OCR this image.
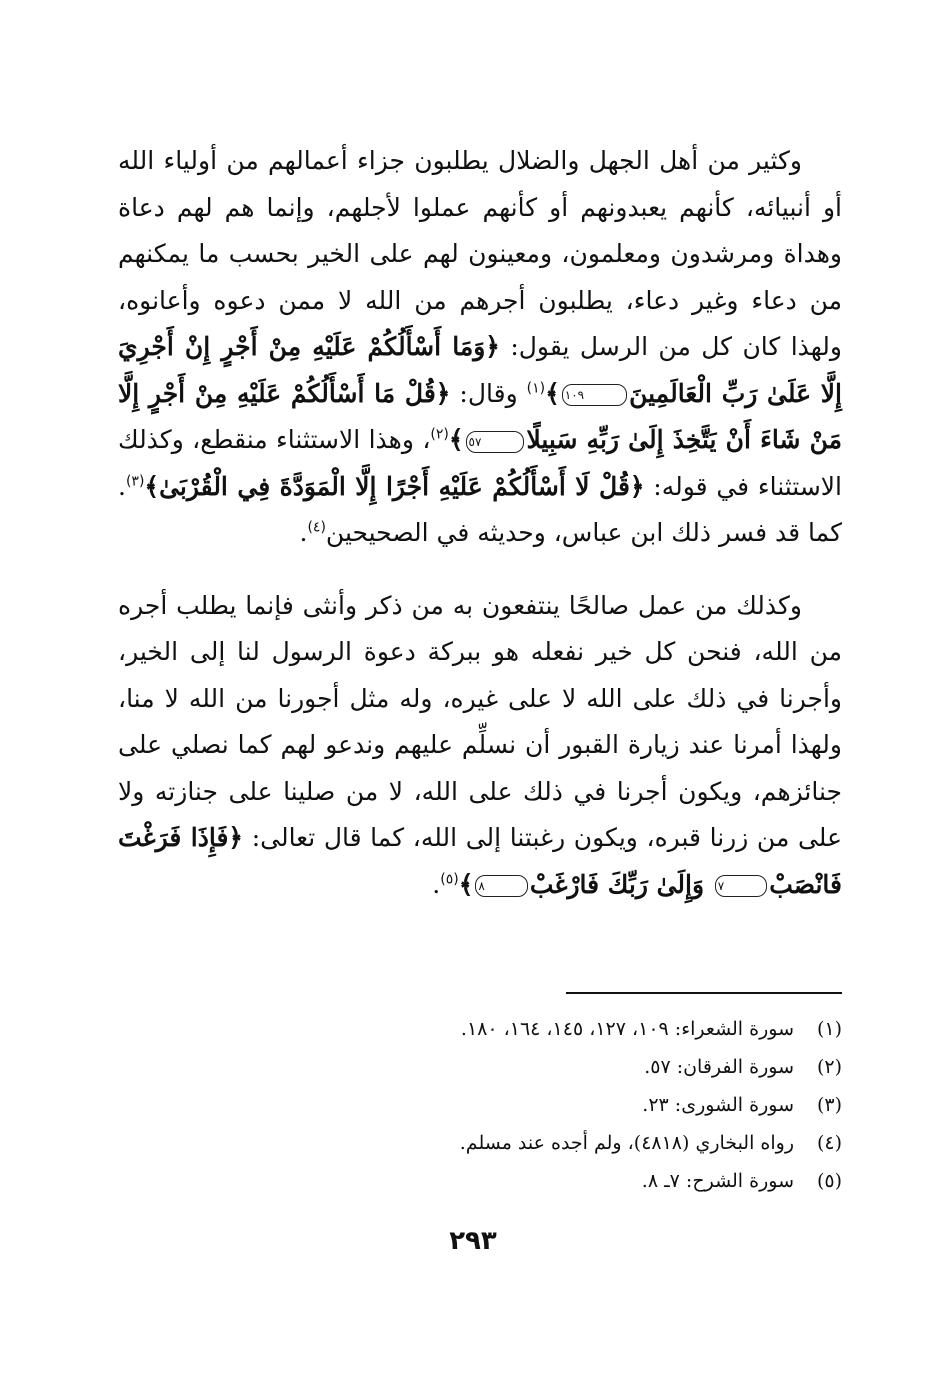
وكثير من أهل الجهل والضلال يطلبون جزاء أعمالهم من أولياء الله أو أنبيائه، كأنهم يعبدونهم أو كأنهم عملوا لأجلهم، وإنما هم لهم دعاة وهداة ومرشدون ومعلمون، ومعينون لهم على الخير بحسب ما يمكنهم من دعاء وغير دعاء، يطلبون أجرهم من الله لا ممن دعوه وأعانوه، ولهذا كان كل من الرسل يقول: ﴿وَمَا أَسْأَلُكُمْ عَلَيْهِ مِنْ أَجْرٍ إِنْ أَجْرِيَ إِلَّا عَلَىٰ رَبِّ الْعَالَمِينَ١٠٩﴾$^{(١)}$ وقال: ﴿قُلْ مَا أَسْأَلُكُمْ عَلَيْهِ مِنْ أَجْرٍ إِلَّا مَنْ شَاءَ أَنْ يَتَّخِذَ إِلَىٰ رَبِّهِ سَبِيلًا٥٧﴾$^{(٢)}$، وهذا الاستثناء منقطع، وكذلك الاستثناء في قوله: ﴿قُلْ لَا أَسْأَلُكُمْ عَلَيْهِ أَجْرًا إِلَّا الْمَوَدَّةَ فِي الْقُرْبَىٰ﴾$^{(٣)}$. كما قد فسر ذلك ابن عباس، وحديثه في الصحيحين$^{(٤)}$.

وكذلك من عمل صالحًا ينتفعون به من ذكر وأنثى فإنما يطلب أجره من الله، فنحن كل خير نفعله هو ببركة دعوة الرسول لنا إلى الخير، وأجرنا في ذلك على الله لا على غيره، وله مثل أجورنا من الله لا منا، ولهذا أمرنا عند زيارة القبور أن نسلِّم عليهم وندعو لهم كما نصلي على جنائزهم، ويكون أجرنا في ذلك على الله، لا من صلينا على جنازته ولا على من زرنا قبره، ويكون رغبتنا إلى الله، كما قال تعالى: ﴿فَإِذَا فَرَغْتَ فَانْصَبْ٧ وَإِلَىٰ رَبِّكَ فَارْغَبْ٨﴾$^{(٥)}$.

(١)
سورة الشعراء: ١٠٩، ١٢٧، ١٤٥، ١٦٤، ١٨٠.
(٢)
سورة الفرقان: ٥٧.
(٣)
سورة الشورى: ٢٣.
(٤)
رواه البخاري (٤٨١٨)، ولم أجده عند مسلم.
(٥)
سورة الشرح: ٧ـ ٨.
٢٩٣
